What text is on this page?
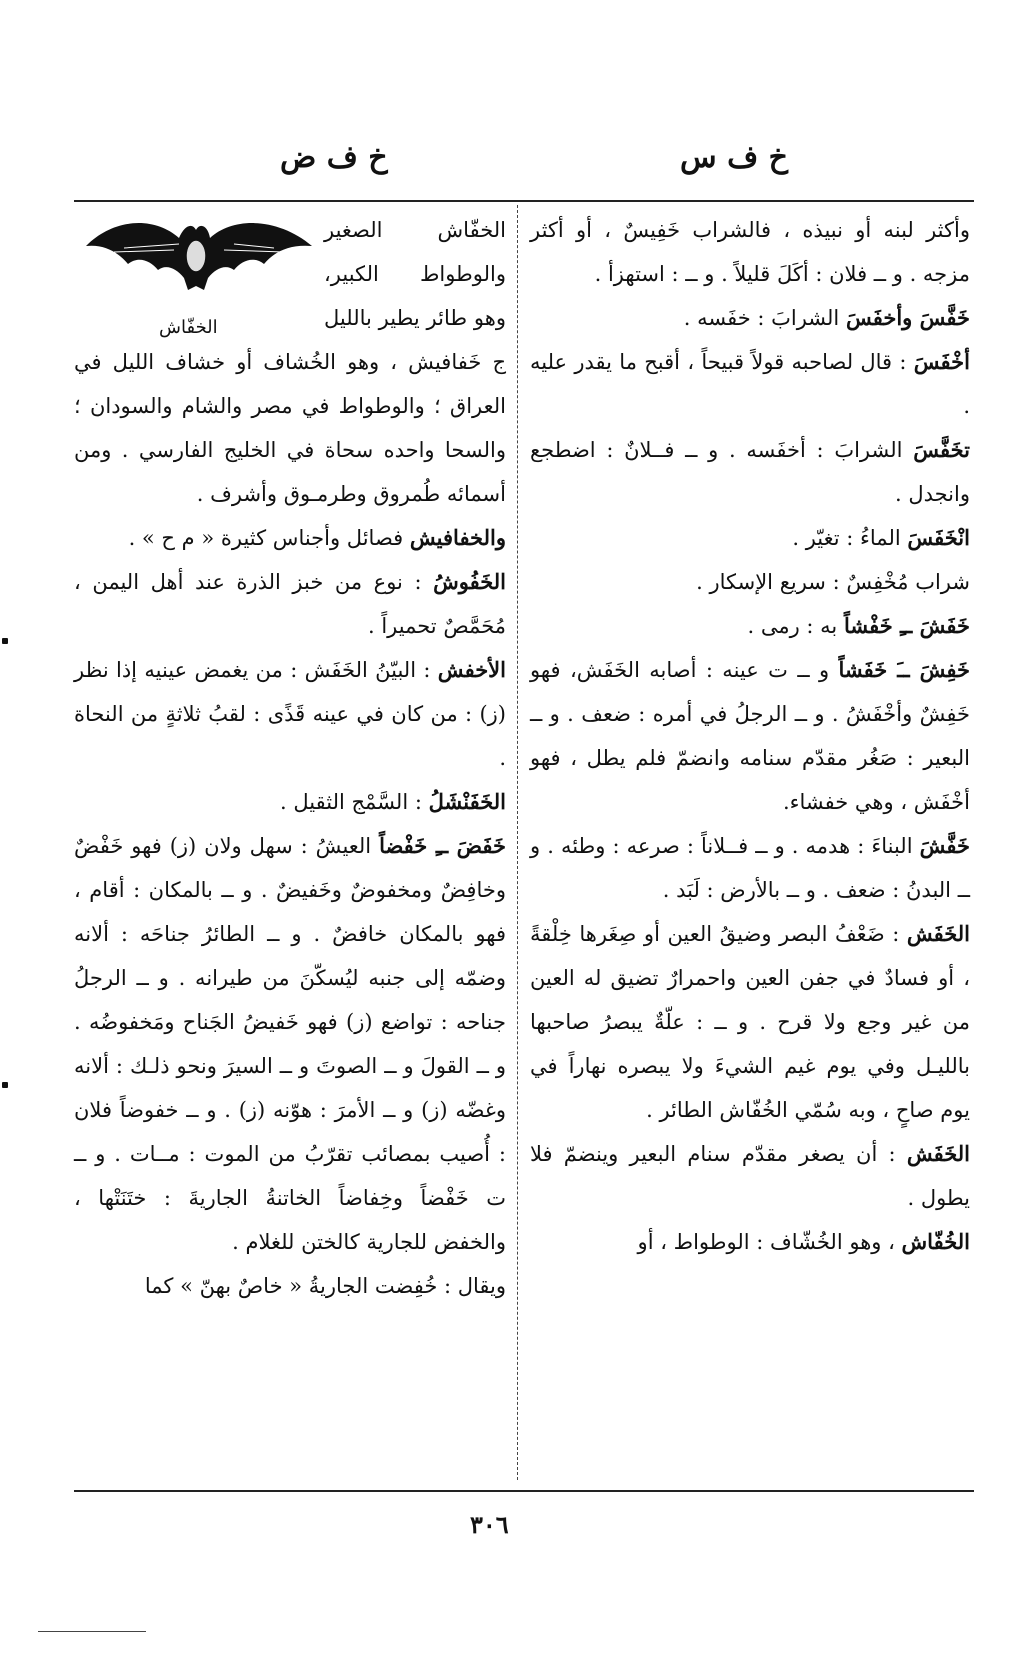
خ ف ض	خ ف س

وأكثر لبنه أو نبيذه ، فالشراب خَفِيسٌ ، أو أكثر مزجه . و ــ فلان : أكَلَ قليلاً . و ــ : استهزأ .

خَفَّسَ وأخفَسَ الشرابَ : خفَسه .

أخْفَسَ : قال لصاحبه قولاً قبيحاً ، أقبح ما يقدر عليه .

تخَفَّسَ الشرابَ : أخفَسه . و ــ فــلانٌ : اضطجع وانجدل .

انْخَفَسَ الماءُ : تغيّر .

شراب مُخْفِسٌ : سريع الإسكار .

خَفَشَ ــِ خَفْشاً به : رمى .

خَفِشَ ــَ خَفَشاً و ــ ت عينه : أصابه الخَفَش، فهو خَفِشٌ وأخْفَشُ . و ــ الرجلُ في أمره : ضعف . و ــ البعير : صَغُر مقدّم سنامه وانضمّ فلم يطل ، فهو أخْفَش ، وهي خفشاء.

خَفَّشَ البناءَ : هدمه . و ــ فــلاناً : صرعه : وطئه . و ــ البدنُ : ضعف . و ــ بالأرض : لَبَد .

الخَفَش : ضَعْفُ البصر وضيقُ العين أو صِغَرها خِلْقةً ، أو فسادٌ في جفن العين واحمرارٌ تضيق له العين من غير وجع ولا قرح . و ــ : علّةٌ يبصرُ صاحبها بالليـل وفي يوم غيم الشيءَ ولا يبصره نهاراً في يوم صاحٍ ، وبه سُمّي الخُفّاش الطائر .

الخَفَش : أن يصغر مقدّم سنام البعير وينضمّ فلا يطول .

الخُفّاش ، وهو الخُشّاف : الوطواط ، أو

الخفّاش

الخفّاش الصغير والوطواط الكبير، وهو طائر يطير بالليل ج خَفافيش ، وهو الخُشاف أو خشاف الليل في العراق ؛ والوطواط في مصر والشام والسودان ؛ والسحا واحده سحاة في الخليج الفارسي . ومن أسمائه طُمروق وطرمـوق وأشرف .

والخفافيش فصائل وأجناس كثيرة « م ح » .

الخَفُوشُ : نوع من خبز الذرة عند أهل اليمن ، مُحَمَّصٌ تحميراً .

الأخفش : البيّنُ الخَفَش : من يغمض عينيه إذا نظر (ز) : من كان في عينه قَذًى : لقبُ ثلاثةٍ من النحاة .

الخَفَنْشَلُ : السَّمْج الثقيل .

خَفَضَ ــِ خَفْضاً العيشُ : سهل ولان (ز) فهو خَفْضٌ وخافِضٌ ومخفوضٌ وخَفيضٌ . و ــ بالمكان : أقام ، فهو بالمكان خافضٌ . و ــ الطائرُ جناحَه : ألانه وضمّه إلى جنبه ليُسكّنَ من طيرانه . و ــ الرجلُ جناحه : تواضع (ز) فهو خَفيضُ الجَناح ومَخفوضُه . و ــ القولَ و ــ الصوتَ و ــ السيرَ ونحو ذلـك : ألانه وغضّه (ز) و ــ الأمرَ : هوّنه (ز) . و ــ خفوضاً فلان : أُصيب بمصائب تقرّبُ من الموت : مــات . و ــ ت خَفْضاً وخِفاضاً الخاتنةُ الجاريةَ : ختَنَتْها ، والخفض للجارية كالختن للغلام .

ويقال : خُفِضت الجاريةُ « خاصٌ بهنّ » كما

٣٠٦
